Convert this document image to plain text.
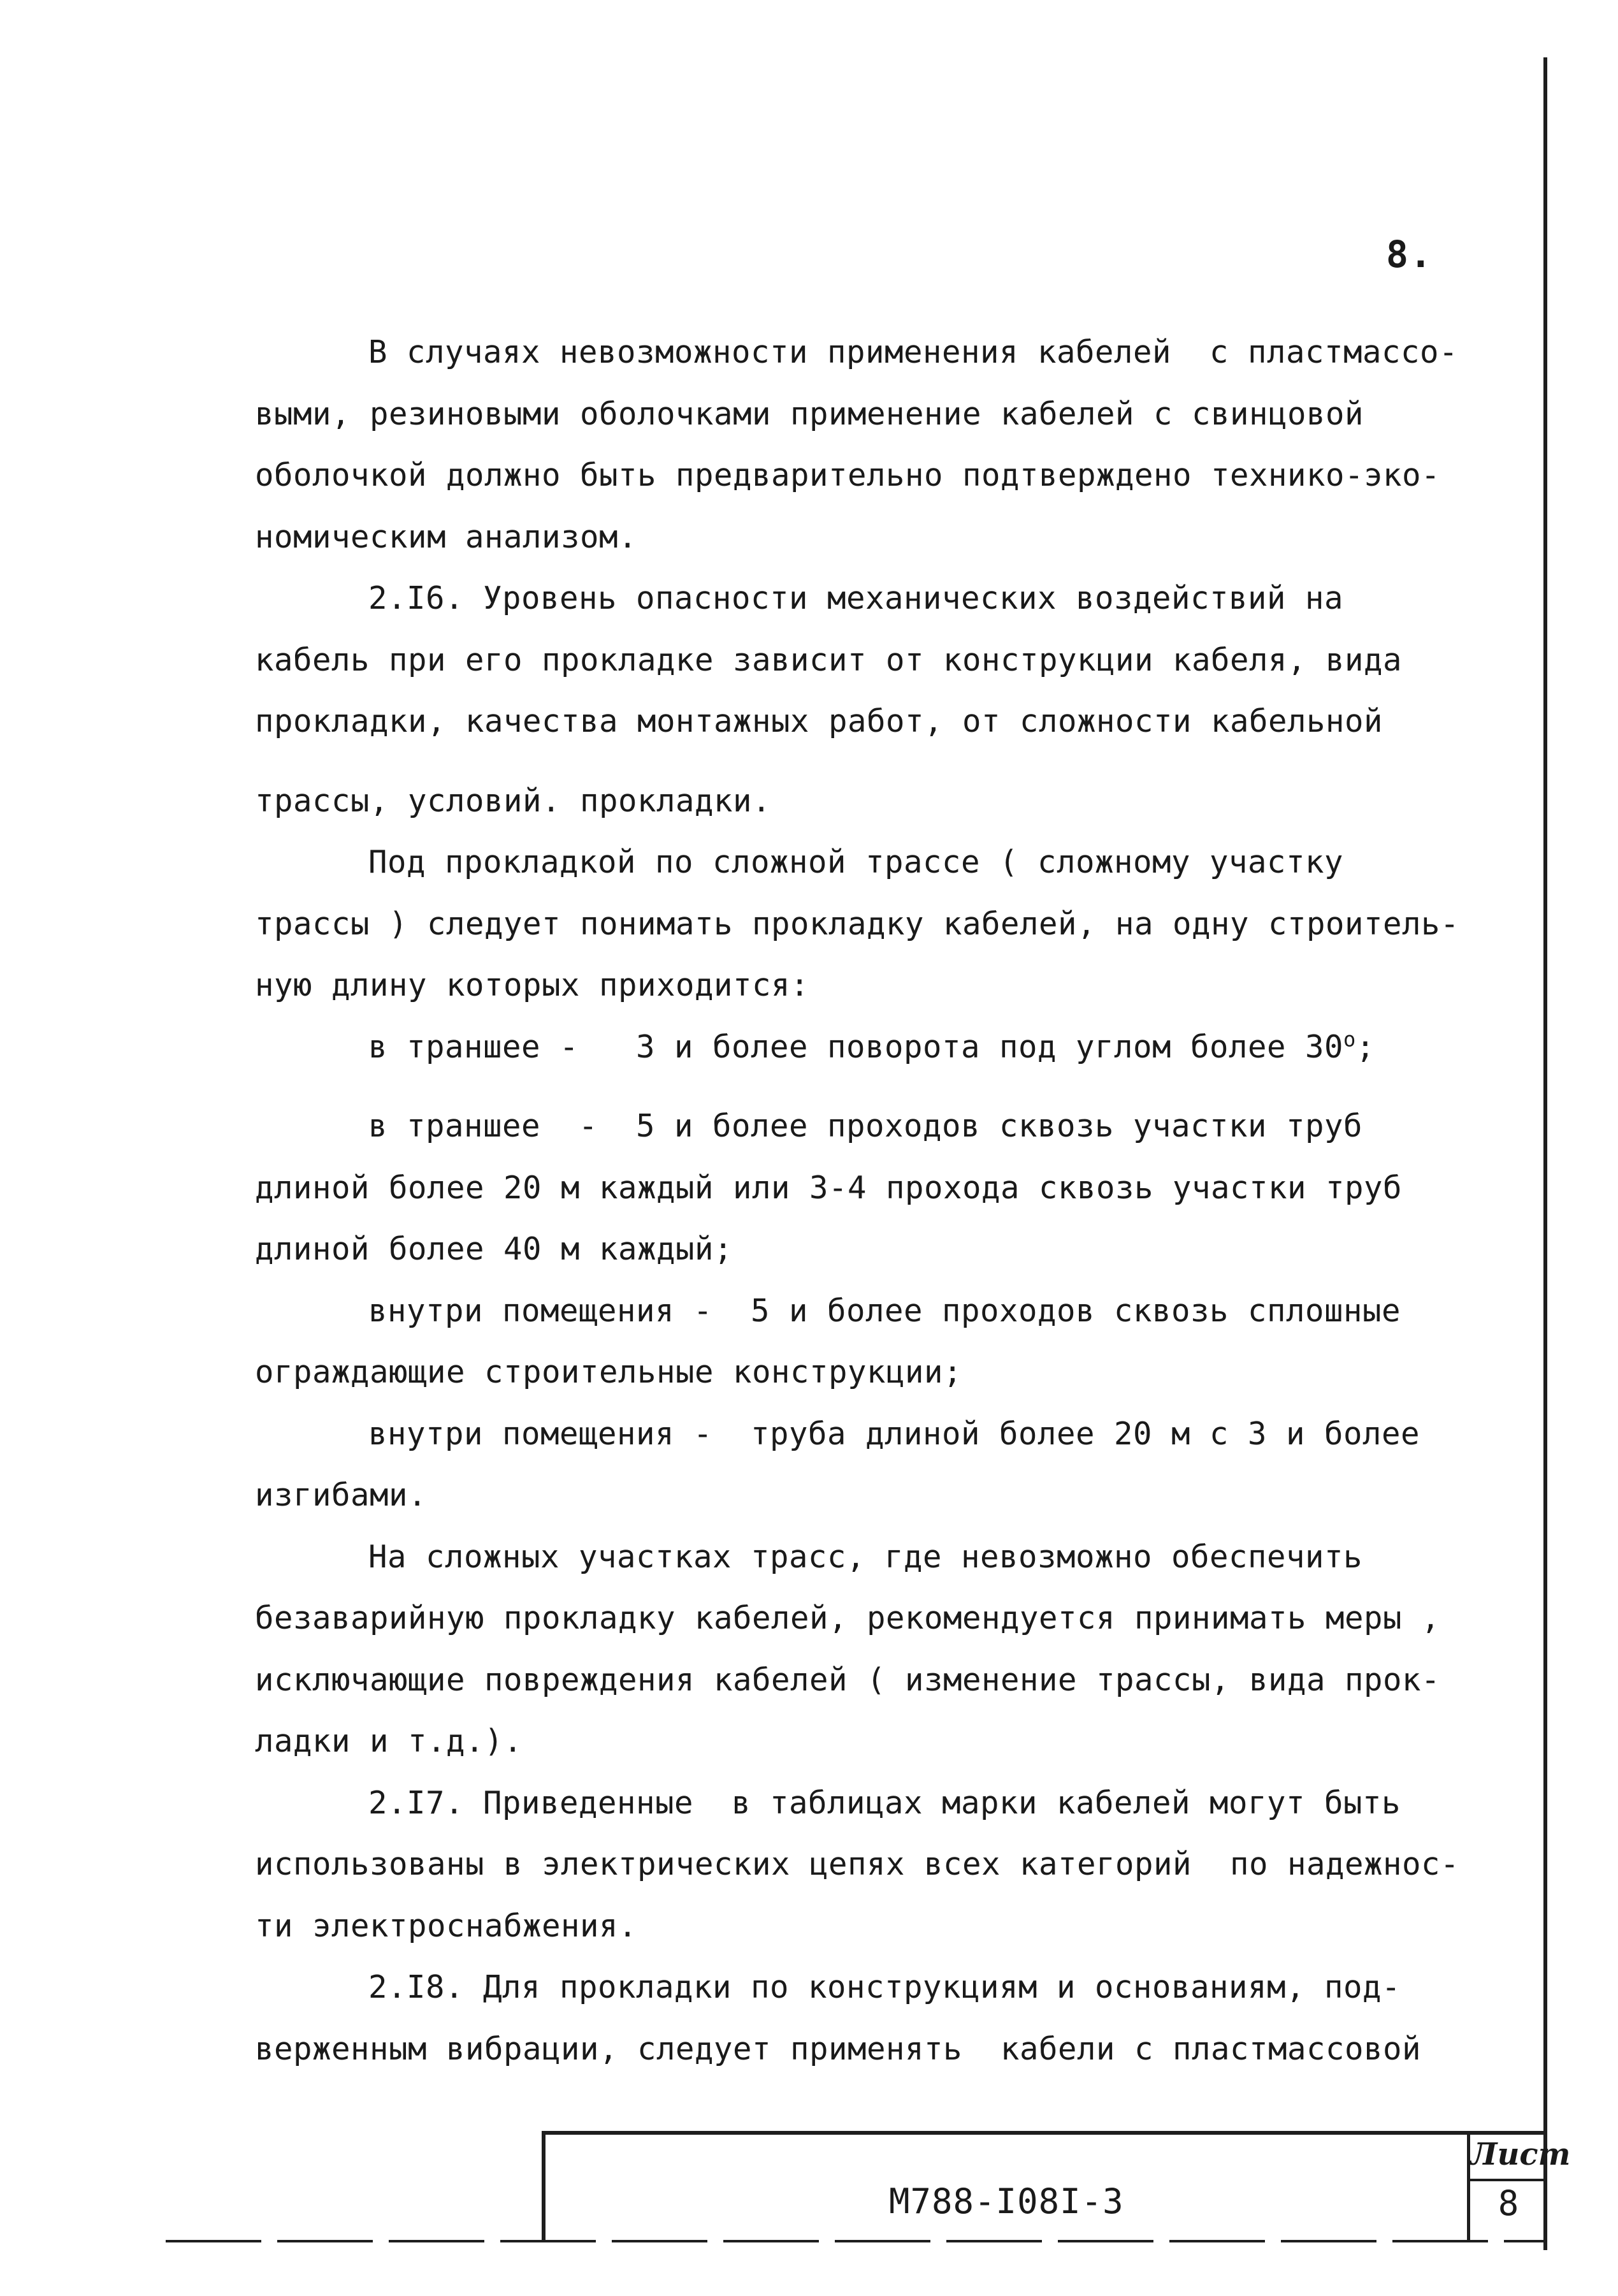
8.

В случаях невозможности применения кабелей  с пластмассо-

выми, резиновыми оболочками применение кабелей с свинцовой

оболочкой должно быть предварительно подтверждено технико-эко-

номическим анализом.

2.I6. Уровень опасности механических воздействий на

кабель при его прокладке зависит от конструкции кабеля, вида

прокладки, качества монтажных работ, от сложности кабельной

трассы, условий. прокладки.

Под прокладкой по сложной трассе ( сложному участку

трассы ) следует понимать прокладку кабелей, на одну строитель-

ную длину которых приходится:

в траншее -   3 и более поворота под углом более $30^о$;

в траншее  -  5 и более проходов сквозь участки труб

длиной более 20 м каждый или 3-4 прохода сквозь участки труб

длиной более 40 м каждый;

внутри помещения -  5 и более проходов сквозь сплошные

ограждающие строительные конструкции;

внутри помещения -  труба длиной более 20 м с 3 и более

изгибами.

На сложных участках трасс, где невозможно обеспечить

безаварийную прокладку кабелей, рекомендуется принимать меры ,

исключающие повреждения кабелей ( изменение трассы, вида прок-

ладки и т.д.).

2.I7. Приведенные  в таблицах марки кабелей могут быть

использованы в электрических цепях всех категорий  по надежнос-

ти электроснабжения.

2.I8. Для прокладки по конструкциям и основаниям, под-

верженным вибрации, следует применять  кабели с пластмассовой

М788-I08I-3
Лист
8
